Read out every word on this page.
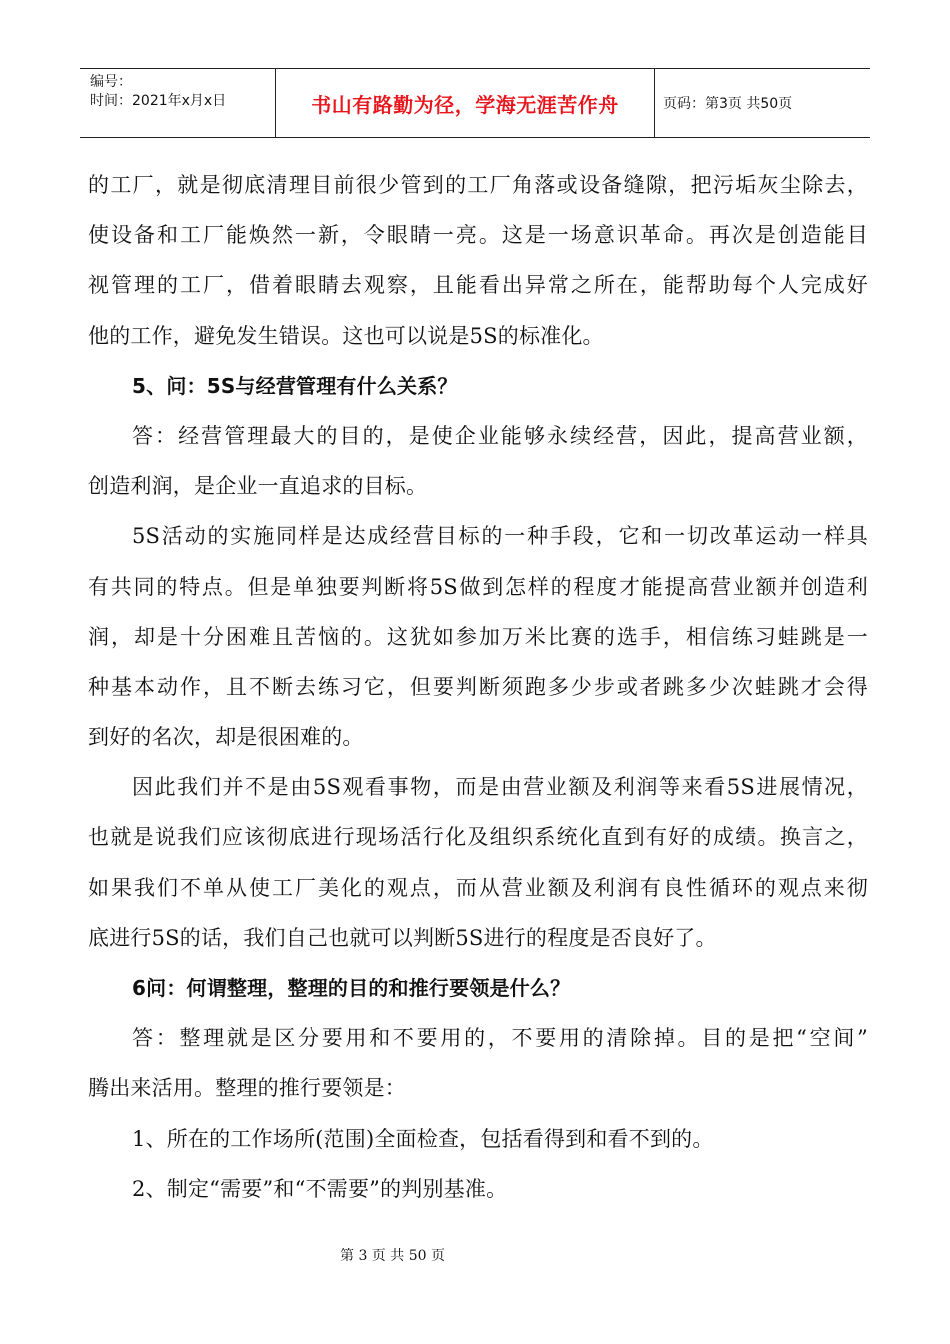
编号：
时间：2021年x月x日	书山有路勤为径，学海无涯苦作舟	页码：第3页 共50页
的工厂，就是彻底清理目前很少管到的工厂角落或设备缝隙，把污垢灰尘除去，
使设备和工厂能焕然一新，令眼睛一亮。这是一场意识革命。再次是创造能目
视管理的工厂，借着眼睛去观察，且能看出异常之所在，能帮助每个人完成好
他的工作，避免发生错误。这也可以说是5S的标准化。
5、问：5S与经营管理有什么关系？
答：经营管理最大的目的，是使企业能够永续经营，因此，提高营业额，
创造利润，是企业一直追求的目标。
5S活动的实施同样是达成经营目标的一种手段，它和一切改革运动一样具
有共同的特点。但是单独要判断将5S做到怎样的程度才能提高营业额并创造利
润，却是十分困难且苦恼的。这犹如参加万米比赛的选手，相信练习蛙跳是一
种基本动作，且不断去练习它，但要判断须跑多少步或者跳多少次蛙跳才会得
到好的名次，却是很困难的。
因此我们并不是由5S观看事物，而是由营业额及利润等来看5S进展情况，
也就是说我们应该彻底进行现场活行化及组织系统化直到有好的成绩。换言之，
如果我们不单从使工厂美化的观点，而从营业额及利润有良性循环的观点来彻
底进行5S的话，我们自己也就可以判断5S进行的程度是否良好了。
6问：何谓整理，整理的目的和推行要领是什么？
答：整理就是区分要用和不要用的，不要用的清除掉。目的是把“空间”
腾出来活用。整理的推行要领是：
1、所在的工作场所(范围)全面检查，包括看得到和看不到的。
2、制定“需要”和“不需要”的判别基准。
第 3 页 共 50 页
